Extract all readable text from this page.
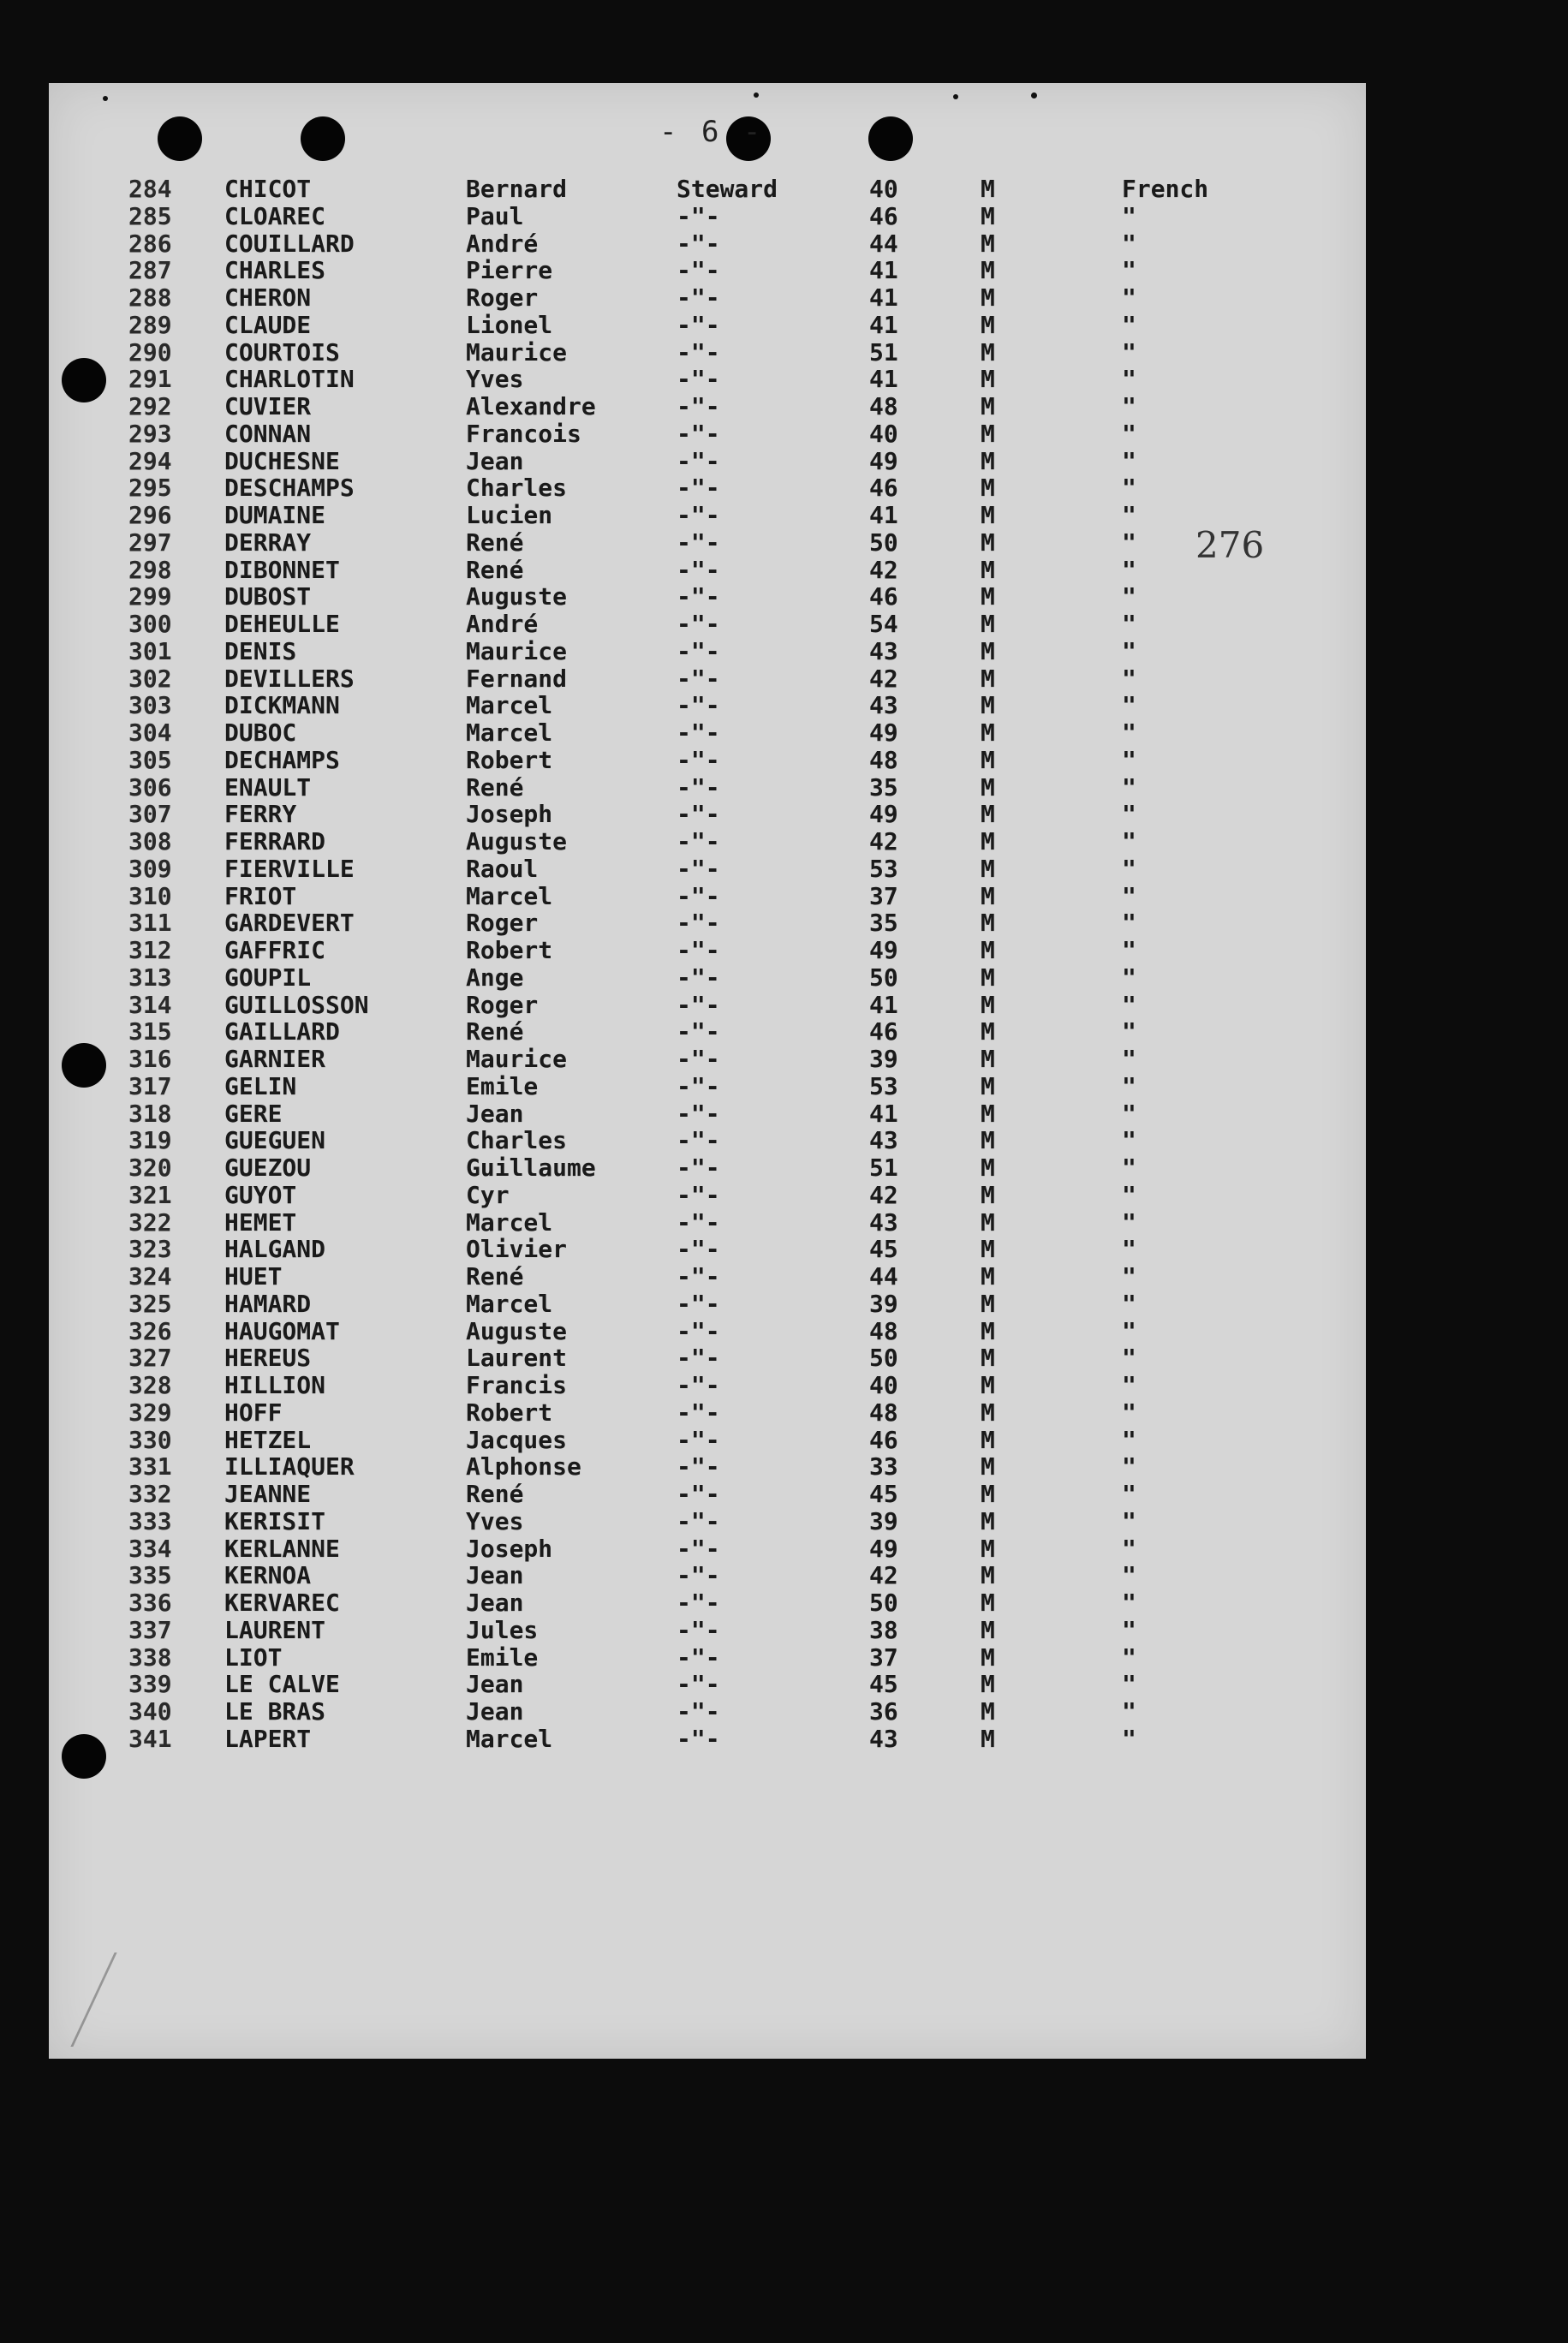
- 6 -
276
284 CHICOT	Bernard	Steward	40	M	French
285 CLOAREC	Paul	-"-	46	M	"
286 COUILLARD	André	-"-	44	M	"
287 CHARLES	Pierre	-"-	41	M	"
288 CHERON	Roger	-"-	41	M	"
289 CLAUDE	Lionel	-"-	41	M	"
290 COURTOIS	Maurice	-"-	51	M	"
291 CHARLOTIN	Yves	-"-	41	M	"
292 CUVIER	Alexandre	-"-	48	M	"
293 CONNAN	Francois	-"-	40	M	"
294 DUCHESNE	Jean	-"-	49	M	"
295 DESCHAMPS	Charles	-"-	46	M	"
296 DUMAINE	Lucien	-"-	41	M	"
297 DERRAY	René	-"-	50	M	"
298 DIBONNET	René	-"-	42	M	"
299 DUBOST	Auguste	-"-	46	M	"
300 DEHEULLE	André	-"-	54	M	"
301 DENIS	Maurice	-"-	43	M	"
302 DEVILLERS	Fernand	-"-	42	M	"
303 DICKMANN	Marcel	-"-	43	M	"
304 DUBOC	Marcel	-"-	49	M	"
305 DECHAMPS	Robert	-"-	48	M	"
306 ENAULT	René	-"-	35	M	"
307 FERRY	Joseph	-"-	49	M	"
308 FERRARD	Auguste	-"-	42	M	"
309 FIERVILLE	Raoul	-"-	53	M	"
310 FRIOT	Marcel	-"-	37	M	"
311 GARDEVERT	Roger	-"-	35	M	"
312 GAFFRIC	Robert	-"-	49	M	"
313 GOUPIL	Ange	-"-	50	M	"
314 GUILLOSSON	Roger	-"-	41	M	"
315 GAILLARD	René	-"-	46	M	"
316 GARNIER	Maurice	-"-	39	M	"
317 GELIN	Emile	-"-	53	M	"
318 GERE	Jean	-"-	41	M	"
319 GUEGUEN	Charles	-"-	43	M	"
320 GUEZOU	Guillaume	-"-	51	M	"
321 GUYOT	Cyr	-"-	42	M	"
322 HEMET	Marcel	-"-	43	M	"
323 HALGAND	Olivier	-"-	45	M	"
324 HUET	René	-"-	44	M	"
325 HAMARD	Marcel	-"-	39	M	"
326 HAUGOMAT	Auguste	-"-	48	M	"
327 HEREUS	Laurent	-"-	50	M	"
328 HILLION	Francis	-"-	40	M	"
329 HOFF	Robert	-"-	48	M	"
330 HETZEL	Jacques	-"-	46	M	"
331 ILLIAQUER	Alphonse	-"-	33	M	"
332 JEANNE	René	-"-	45	M	"
333 KERISIT	Yves	-"-	39	M	"
334 KERLANNE	Joseph	-"-	49	M	"
335 KERNOA	Jean	-"-	42	M	"
336 KERVAREC	Jean	-"-	50	M	"
337 LAURENT	Jules	-"-	38	M	"
338 LIOT	Emile	-"-	37	M	"
339 LE CALVE	Jean	-"-	45	M	"
340 LE BRAS	Jean	-"-	36	M	"
341 LAPERT	Marcel	-"-	43	M	"
